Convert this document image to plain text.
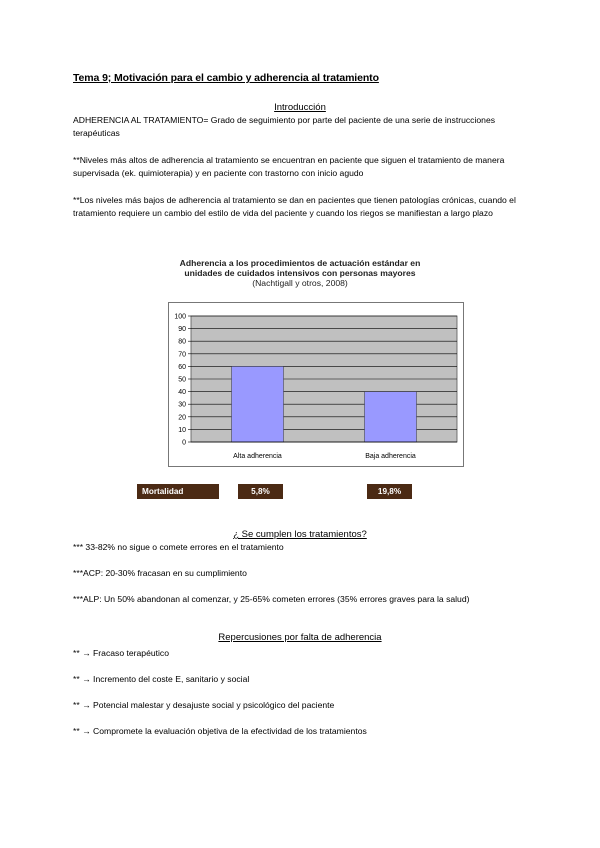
Tema 9; Motivación para el cambio y adherencia al tratamiento
Introducción
ADHERENCIA AL TRATAMIENTO= Grado de seguimiento por parte del paciente de una serie de instrucciones terapéuticas
**Niveles más altos de adherencia al tratamiento se encuentran en paciente que siguen el tratamiento de manera supervisada (ek. quimioterapia) y en paciente con trastorno con inicio agudo
**Los niveles más bajos de adherencia al tratamiento se dan en pacientes que tienen patologías crónicas, cuando el tratamiento requiere un cambio del estilo de vida del paciente y cuando los riegos se manifiestan a largo plazo
Adherencia a los procedimientos de actuación estándar en unidades de cuidados intensivos con personas mayores
(Nachtigall y otros, 2008)
0
10
20
30
40
50
60
70
80
90
100
Alta adherencia	Baja adherencia
Mortalidad	5,8%	19,8%
¿ Se cumplen los tratamientos?
*** 33-82% no sigue o comete errores en el tratamiento
***ACP: 20-30% fracasan en su cumplimiento
***ALP: Un 50% abandonan al comenzar, y 25-65% cometen errores (35% errores graves para la salud)
Repercusiones por falta de adherencia
** → Fracaso terapéutico
** → Incremento del coste E, sanitario y social
** → Potencial malestar y desajuste social y psicológico del paciente
** → Compromete la evaluación objetiva de la efectividad de los tratamientos
